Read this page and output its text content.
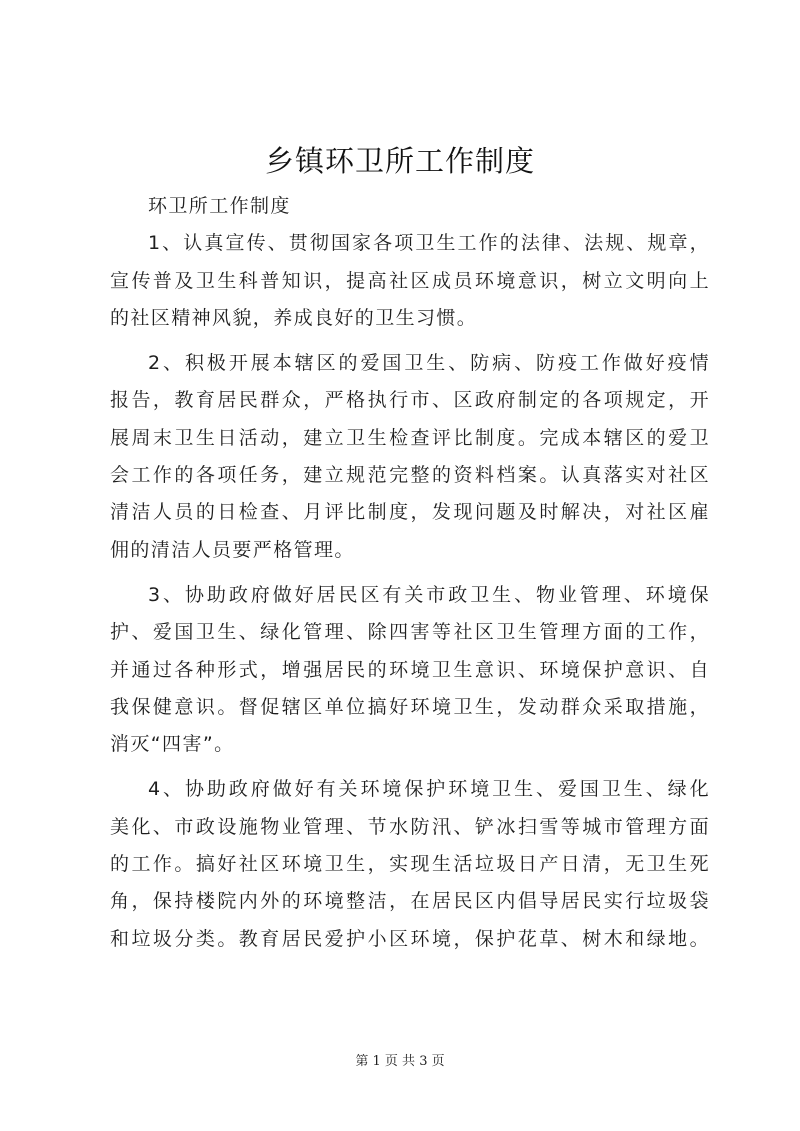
乡镇环卫所工作制度
环卫所工作制度
1、认真宣传、贯彻国家各项卫生工作的法律、法规、规章，
宣传普及卫生科普知识，提高社区成员环境意识，树立文明向上
的社区精神风貌，养成良好的卫生习惯。
2、积极开展本辖区的爱国卫生、防病、防疫工作做好疫情
报告，教育居民群众，严格执行市、区政府制定的各项规定，开
展周末卫生日活动，建立卫生检查评比制度。完成本辖区的爱卫
会工作的各项任务，建立规范完整的资料档案。认真落实对社区
清洁人员的日检查、月评比制度，发现问题及时解决，对社区雇
佣的清洁人员要严格管理。
3、协助政府做好居民区有关市政卫生、物业管理、环境保
护、爱国卫生、绿化管理、除四害等社区卫生管理方面的工作，
并通过各种形式，增强居民的环境卫生意识、环境保护意识、自
我保健意识。督促辖区单位搞好环境卫生，发动群众采取措施，
消灭“四害”。
4、协助政府做好有关环境保护环境卫生、爱国卫生、绿化
美化、市政设施物业管理、节水防汛、铲冰扫雪等城市管理方面
的工作。搞好社区环境卫生，实现生活垃圾日产日清，无卫生死
角，保持楼院内外的环境整洁，在居民区内倡导居民实行垃圾袋
和垃圾分类。教育居民爱护小区环境，保护花草、树木和绿地。
第 1 页 共 3 页
